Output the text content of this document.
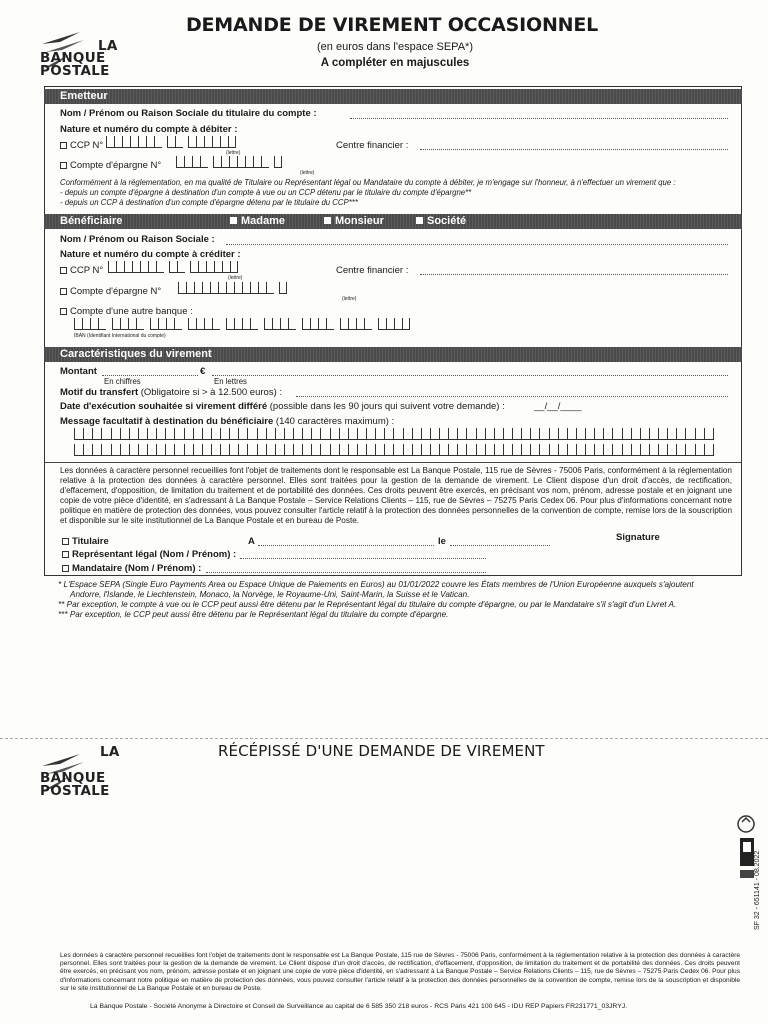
LA
BANQUE
POSTALE
DEMANDE DE VIREMENT OCCASIONNEL
(en euros dans l'espace SEPA*)
A compléter en majuscules
Emetteur
Nom / Prénom ou Raison Sociale du titulaire du compte :
Nature et numéro du compte à débiter :
CCP N°
(lettre)
Centre financier :
Compte d'épargne N°
(lettre)
Conformément à la réglementation, en ma qualité de Titulaire ou Représentant légal ou Mandataire du compte à débiter, je m'engage sur l'honneur, à n'effectuer un virement que :
- depuis un compte d'épargne à destination d'un compte à vue ou un CCP détenu par le titulaire du compte d'épargne**
- depuis un CCP à destination d'un compte d'épargne détenu par le titulaire du CCP***
Bénéficiaire	Madame	Monsieur	Société
Nom / Prénom ou Raison Sociale :
Nature et numéro du compte à créditer :
CCP N°
(lettre)
Centre financier :
Compte d'épargne N°
(lettre)
Compte d'une autre banque :
IBAN (Identifiant International du compte)
Caractéristiques du virement
Montant	€
En chiffres	En lettres
Motif du transfert (Obligatoire si > à 12.500 euros) :
Date d'exécution souhaitée si virement différé (possible dans les 90 jours qui suivent votre demande) :	__/__/____
Message facultatif à destination du bénéficiaire (140 caractères maximum) :
Les données à caractère personnel recueillies font l'objet de traitements dont le responsable est La Banque Postale, 115 rue de Sèvres - 75006 Paris, conformément à la réglementation relative à la protection des données à caractère personnel. Elles sont traitées pour la gestion de la demande de virement. Le Client dispose d'un droit d'accès, de rectification, d'effacement, d'opposition, de limitation du traitement et de portabilité des données. Ces droits peuvent être exercés, en précisant vos nom, prénom, adresse postale et en joignant une copie de votre pièce d'identité, en s'adressant à La Banque Postale – Service Relations Clients – 115, rue de Sèvres – 75275 Paris Cedex 06. Pour plus d'informations concernant notre politique en matière de protection des données, vous pouvez consulter l'article relatif à la protection des données personnelles de la convention de compte, remise lors de la souscription et disponible sur le site institutionnel de La Banque Postale et en bureau de Poste.
Titulaire	A	le	Signature
Représentant légal (Nom / Prénom) :
Mandataire (Nom / Prénom) :

* L'Espace SEPA (Single Euro Payments Area ou Espace Unique de Paiements en Euros) au 01/01/2022 couvre les États membres de l'Union Européenne auxquels s'ajoutent

Andorre, l'Islande, le Liechtenstein, Monaco, la Norvège, le Royaume-Uni, Saint-Marin, la Suisse et le Vatican.

** Par exception, le compte à vue ou le CCP peut aussi être détenu par le Représentant légal du titulaire du compte d'épargne, ou par le Mandataire s'il s'agit d'un Livret A.

*** Par exception, le CCP peut aussi être détenu par le Représentant légal du titulaire du compte d'épargne.

LA
BANQUE
POSTALE
RÉCÉPISSÉ D'UNE DEMANDE DE VIREMENT
SF 32 - 651141 - 08.2022
Les données à caractère personnel recueillies font l'objet de traitements dont le responsable est La Banque Postale, 115 rue de Sèvres - 75006 Paris, conformément à la réglementation relative à la protection des données à caractère personnel. Elles sont traitées pour la gestion de la demande de virement. Le Client dispose d'un droit d'accès, de rectification, d'effacement, d'opposition, de limitation du traitement et de portabilité des données. Ces droits peuvent être exercés, en précisant vos nom, prénom, adresse postale et en joignant une copie de votre pièce d'identité, en s'adressant à La Banque Postale – Service Relations Clients – 115, rue de Sèvres – 75275 Paris Cedex 06. Pour plus d'informations concernant notre politique en matière de protection des données, vous pouvez consulter l'article relatif à la protection des données personnelles de la convention de compte, remise lors de la souscription et disponible sur le site institutionnel de La Banque Postale et en bureau de Poste.
La Banque Postale - Société Anonyme à Directoire et Conseil de Surveillance au capital de 6 585 350 218 euros - RCS Paris 421 100 645 - IDU REP Papiers FR231771_03JRYJ.
